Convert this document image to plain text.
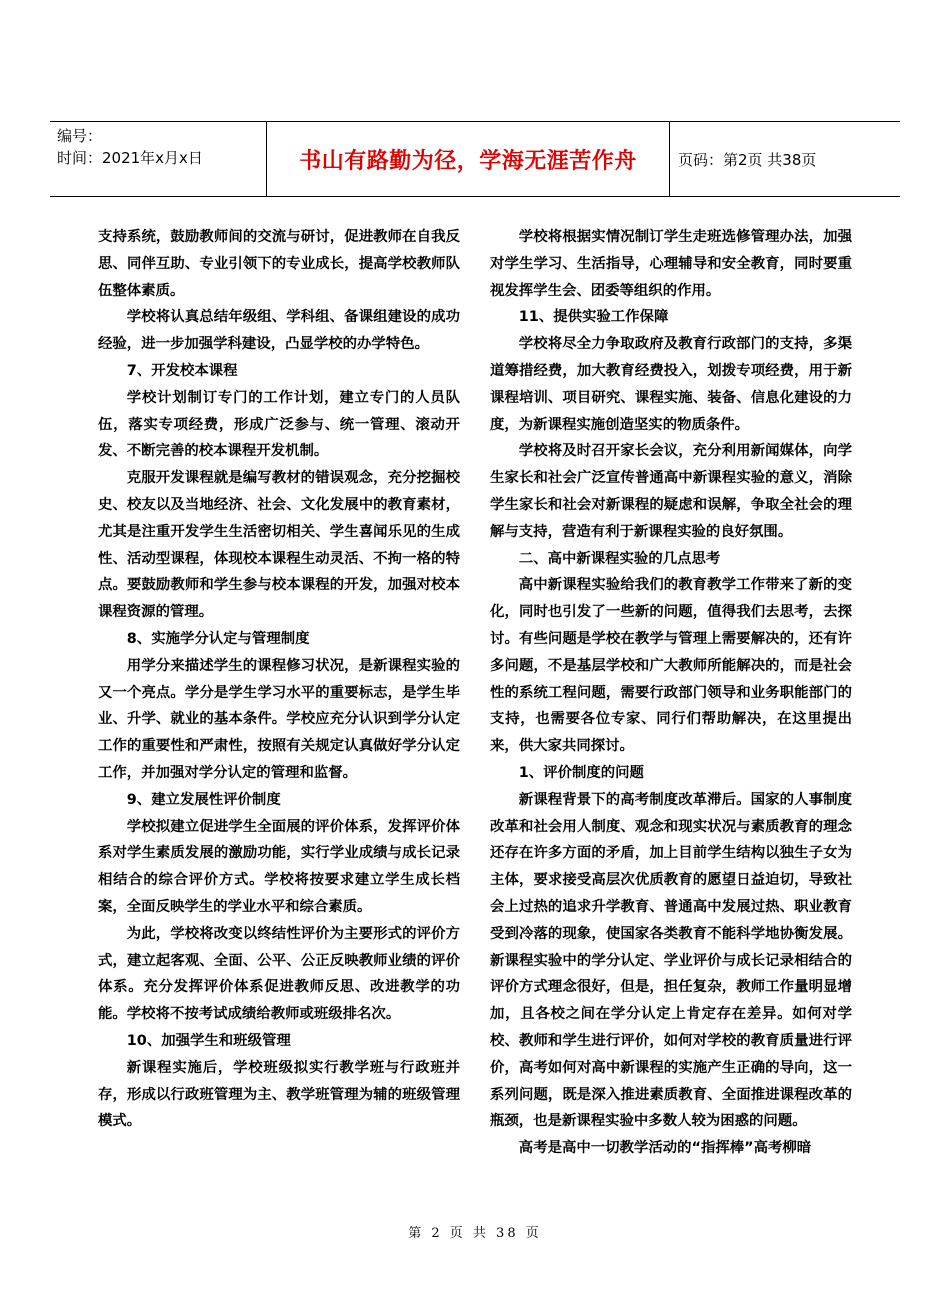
编号：
时间：2021年x月x日	书山有路勤为径，学海无涯苦作舟	页码：第2页 共38页

支持系统，鼓励教师间的交流与研讨，促进教师在自我反思、同伴互助、专业引领下的专业成长，提高学校教师队伍整体素质。

学校将认真总结年级组、学科组、备课组建设的成功经验，进一步加强学科建设，凸显学校的办学特色。

7、开发校本课程

学校计划制订专门的工作计划，建立专门的人员队伍，落实专项经费，形成广泛参与、统一管理、滚动开发、不断完善的校本课程开发机制。

克服开发课程就是编写教材的错误观念，充分挖掘校史、校友以及当地经济、社会、文化发展中的教育素材，尤其是注重开发学生生活密切相关、学生喜闻乐见的生成性、活动型课程，体现校本课程生动灵活、不拘一格的特点。要鼓励教师和学生参与校本课程的开发，加强对校本课程资源的管理。

8、实施学分认定与管理制度

用学分来描述学生的课程修习状况，是新课程实验的又一个亮点。学分是学生学习水平的重要标志，是学生毕业、升学、就业的基本条件。学校应充分认识到学分认定工作的重要性和严肃性，按照有关规定认真做好学分认定工作，并加强对学分认定的管理和监督。

9、建立发展性评价制度

学校拟建立促进学生全面展的评价体系，发挥评价体系对学生素质发展的激励功能，实行学业成绩与成长记录相结合的综合评价方式。学校将按要求建立学生成长档案，全面反映学生的学业水平和综合素质。

为此，学校将改变以终结性评价为主要形式的评价方式，建立起客观、全面、公平、公正反映教师业绩的评价体系。充分发挥评价体系促进教师反思、改进教学的功能。学校将不按考试成绩给教师或班级排名次。

10、加强学生和班级管理

新课程实施后，学校班级拟实行教学班与行政班并存，形成以行政班管理为主、教学班管理为辅的班级管理模式。

学校将根据实情况制订学生走班选修管理办法，加强对学生学习、生活指导，心理辅导和安全教育，同时要重视发挥学生会、团委等组织的作用。

11、提供实验工作保障

学校将尽全力争取政府及教育行政部门的支持，多渠道筹措经费，加大教育经费投入，划拨专项经费，用于新课程培训、项目研究、课程实施、装备、信息化建设的力度，为新课程实施创造坚实的物质条件。

学校将及时召开家长会议，充分利用新闻媒体，向学生家长和社会广泛宣传普通高中新课程实验的意义，消除学生家长和社会对新课程的疑虑和误解，争取全社会的理解与支持，营造有利于新课程实验的良好氛围。

二、高中新课程实验的几点思考

高中新课程实验给我们的教育教学工作带来了新的变化，同时也引发了一些新的问题，值得我们去思考，去探讨。有些问题是学校在教学与管理上需要解决的，还有许多问题，不是基层学校和广大教师所能解决的，而是社会性的系统工程问题，需要行政部门领导和业务职能部门的支持，也需要各位专家、同行们帮助解决，在这里提出来，供大家共同探讨。

1、评价制度的问题

新课程背景下的高考制度改革滞后。国家的人事制度改革和社会用人制度、观念和现实状况与素质教育的理念还存在许多方面的矛盾，加上目前学生结构以独生子女为主体，要求接受高层次优质教育的愿望日益迫切，导致社会上过热的追求升学教育、普通高中发展过热、职业教育受到冷落的现象，使国家各类教育不能科学地协衡发展。新课程实验中的学分认定、学业评价与成长记录相结合的评价方式理念很好，但是，担任复杂，教师工作量明显增加，且各校之间在学分认定上肯定存在差异。如何对学校、教师和学生进行评价，如何对学校的教育质量进行评价，高考如何对高中新课程的实施产生正确的导向，这一系列问题，既是深入推进素质教育、全面推进课程改革的瓶颈，也是新课程实验中多数人较为困惑的问题。

高考是高中一切教学活动的“指挥棒”高考柳暗

第 2 页 共 38 页
